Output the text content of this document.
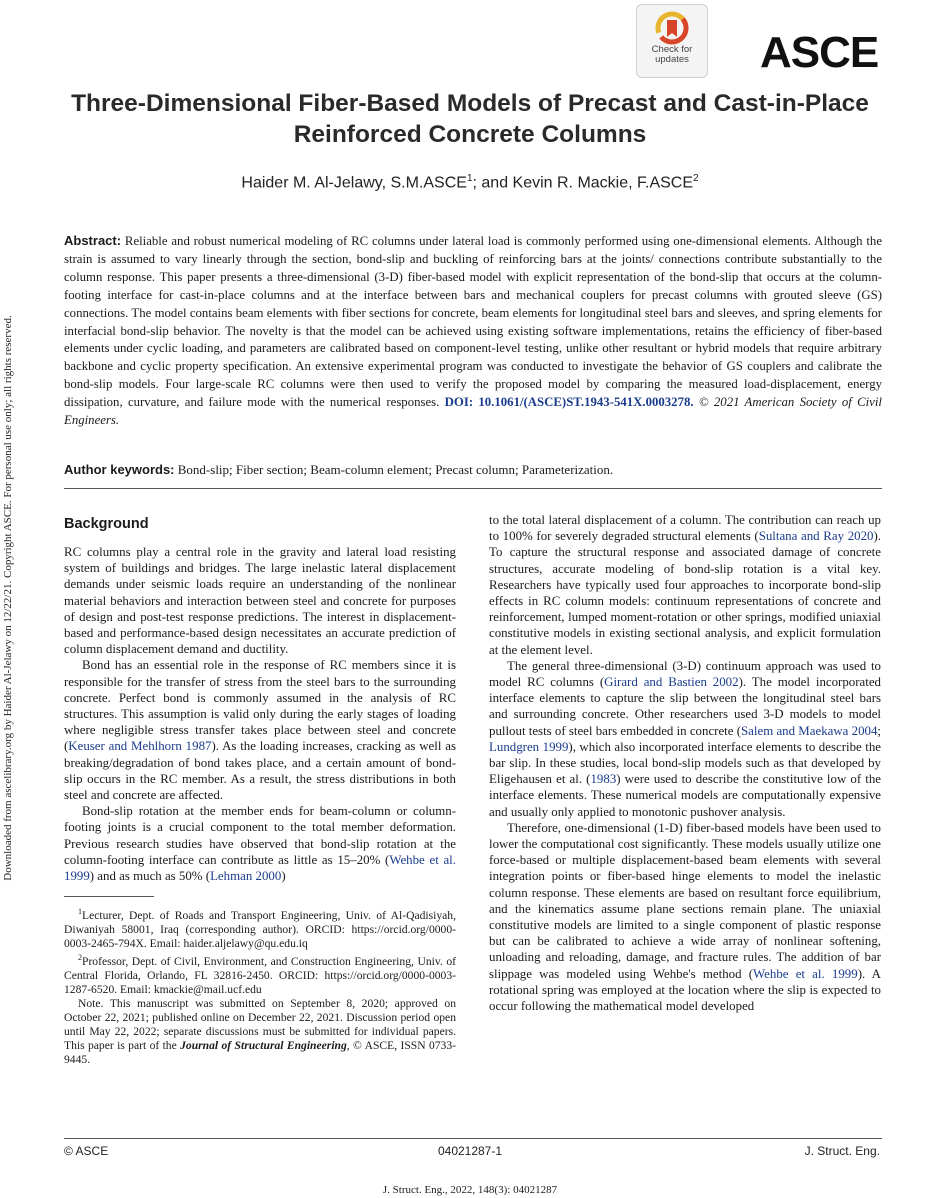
Downloaded from ascelibrary.org by Haider Al-Jelawy on 12/22/21. Copyright ASCE. For personal use only; all rights reserved.
Check for
updates	ASCE
Three-Dimensional Fiber-Based Models of Precast and Cast-in-Place Reinforced Concrete Columns
Haider M. Al-Jelawy, S.M.ASCE$^1$; and Kevin R. Mackie, F.ASCE$^2$
Abstract: Reliable and robust numerical modeling of RC columns under lateral load is commonly performed using one-dimensional elements. Although the strain is assumed to vary linearly through the section, bond-slip and buckling of reinforcing bars at the joints/ connections contribute substantially to the column response. This paper presents a three-dimensional (3-D) fiber-based model with explicit representation of the bond-slip that occurs at the column-footing interface for cast-in-place columns and at the interface between bars and mechanical couplers for precast columns with grouted sleeve (GS) connections. The model contains beam elements with fiber sections for concrete, beam elements for longitudinal steel bars and sleeves, and spring elements for interfacial bond-slip behavior. The novelty is that the model can be achieved using existing software implementations, retains the efficiency of fiber-based elements under cyclic loading, and parameters are calibrated based on component-level testing, unlike other resultant or hybrid models that require arbitrary backbone and cyclic property specification. An extensive experimental program was conducted to investigate the behavior of GS couplers and calibrate the bond-slip models. Four large-scale RC columns were then used to verify the proposed model by comparing the measured load-displacement, energy dissipation, curvature, and failure mode with the numerical responses. DOI: 10.1061/(ASCE)ST.1943-541X.0003278. © 2021 American Society of Civil Engineers.
Author keywords: Bond-slip; Fiber section; Beam-column element; Precast column; Parameterization.
Background

RC columns play a central role in the gravity and lateral load resisting system of buildings and bridges. The large inelastic lateral displacement demands under seismic loads require an understanding of the nonlinear material behaviors and interaction between steel and concrete for purposes of design and post-test response predictions. The interest in displacement-based and performance-based design necessitates an accurate prediction of column displacement demand and ductility.

Bond has an essential role in the response of RC members since it is responsible for the transfer of stress from the steel bars to the surrounding concrete. Perfect bond is commonly assumed in the analysis of RC structures. This assumption is valid only during the early stages of loading where negligible stress transfer takes place between steel and concrete (Keuser and Mehlhorn 1987). As the loading increases, cracking as well as breaking/degradation of bond takes place, and a certain amount of bond-slip occurs in the RC member. As a result, the stress distributions in both steel and concrete are affected.

Bond-slip rotation at the member ends for beam-column or column-footing joints is a crucial component to the total member deformation. Previous research studies have observed that bond-slip rotation at the column-footing interface can contribute as little as 15–20% (Wehbe et al. 1999) and as much as 50% (Lehman 2000)

$^1$Lecturer, Dept. of Roads and Transport Engineering, Univ. of Al-Qadisiyah, Diwaniyah 58001, Iraq (corresponding author). ORCID: https://orcid.org/0000-0003-2465-794X. Email: haider.aljelawy@qu.edu.iq

$^2$Professor, Dept. of Civil, Environment, and Construction Engineering, Univ. of Central Florida, Orlando, FL 32816-2450. ORCID: https://orcid.org/0000-0003-1287-6520. Email: kmackie@mail.ucf.edu

Note. This manuscript was submitted on September 8, 2020; approved on October 22, 2021; published online on December 22, 2021. Discussion period open until May 22, 2022; separate discussions must be submitted for individual papers. This paper is part of the Journal of Structural Engineering, © ASCE, ISSN 0733-9445.

to the total lateral displacement of a column. The contribution can reach up to 100% for severely degraded structural elements (Sultana and Ray 2020). To capture the structural response and associated damage of concrete structures, accurate modeling of bond-slip rotation is a vital key. Researchers have typically used four approaches to incorporate bond-slip effects in RC column models: continuum representations of concrete and reinforcement, lumped moment-rotation or other springs, modified uniaxial constitutive models in existing sectional analysis, and explicit formulation at the element level.

The general three-dimensional (3-D) continuum approach was used to model RC columns (Girard and Bastien 2002). The model incorporated interface elements to capture the slip between the longitudinal steel bars and surrounding concrete. Other researchers used 3-D models to model pullout tests of steel bars embedded in concrete (Salem and Maekawa 2004; Lundgren 1999), which also incorporated interface elements to describe the bar slip. In these studies, local bond-slip models such as that developed by Eligehausen et al. (1983) were used to describe the constitutive low of the interface elements. These numerical models are computationally expensive and usually only applied to monotonic pushover analysis.

Therefore, one-dimensional (1-D) fiber-based models have been used to lower the computational cost significantly. These models usually utilize one force-based or multiple displacement-based beam elements with several integration points or fiber-based hinge elements to model the inelastic column response. These elements are based on resultant force equilibrium, and the kinematics assume plane sections remain plane. The uniaxial constitutive models are limited to a single component of plastic response but can be calibrated to achieve a wide array of nonlinear softening, unloading and reloading, damage, and fracture rules. The addition of bar slippage was modeled using Wehbe's method (Wehbe et al. 1999). A rotational spring was employed at the location where the slip is expected to occur following the mathematical model developed

© ASCE	04021287-1	J. Struct. Eng.
J. Struct. Eng., 2022, 148(3): 04021287
